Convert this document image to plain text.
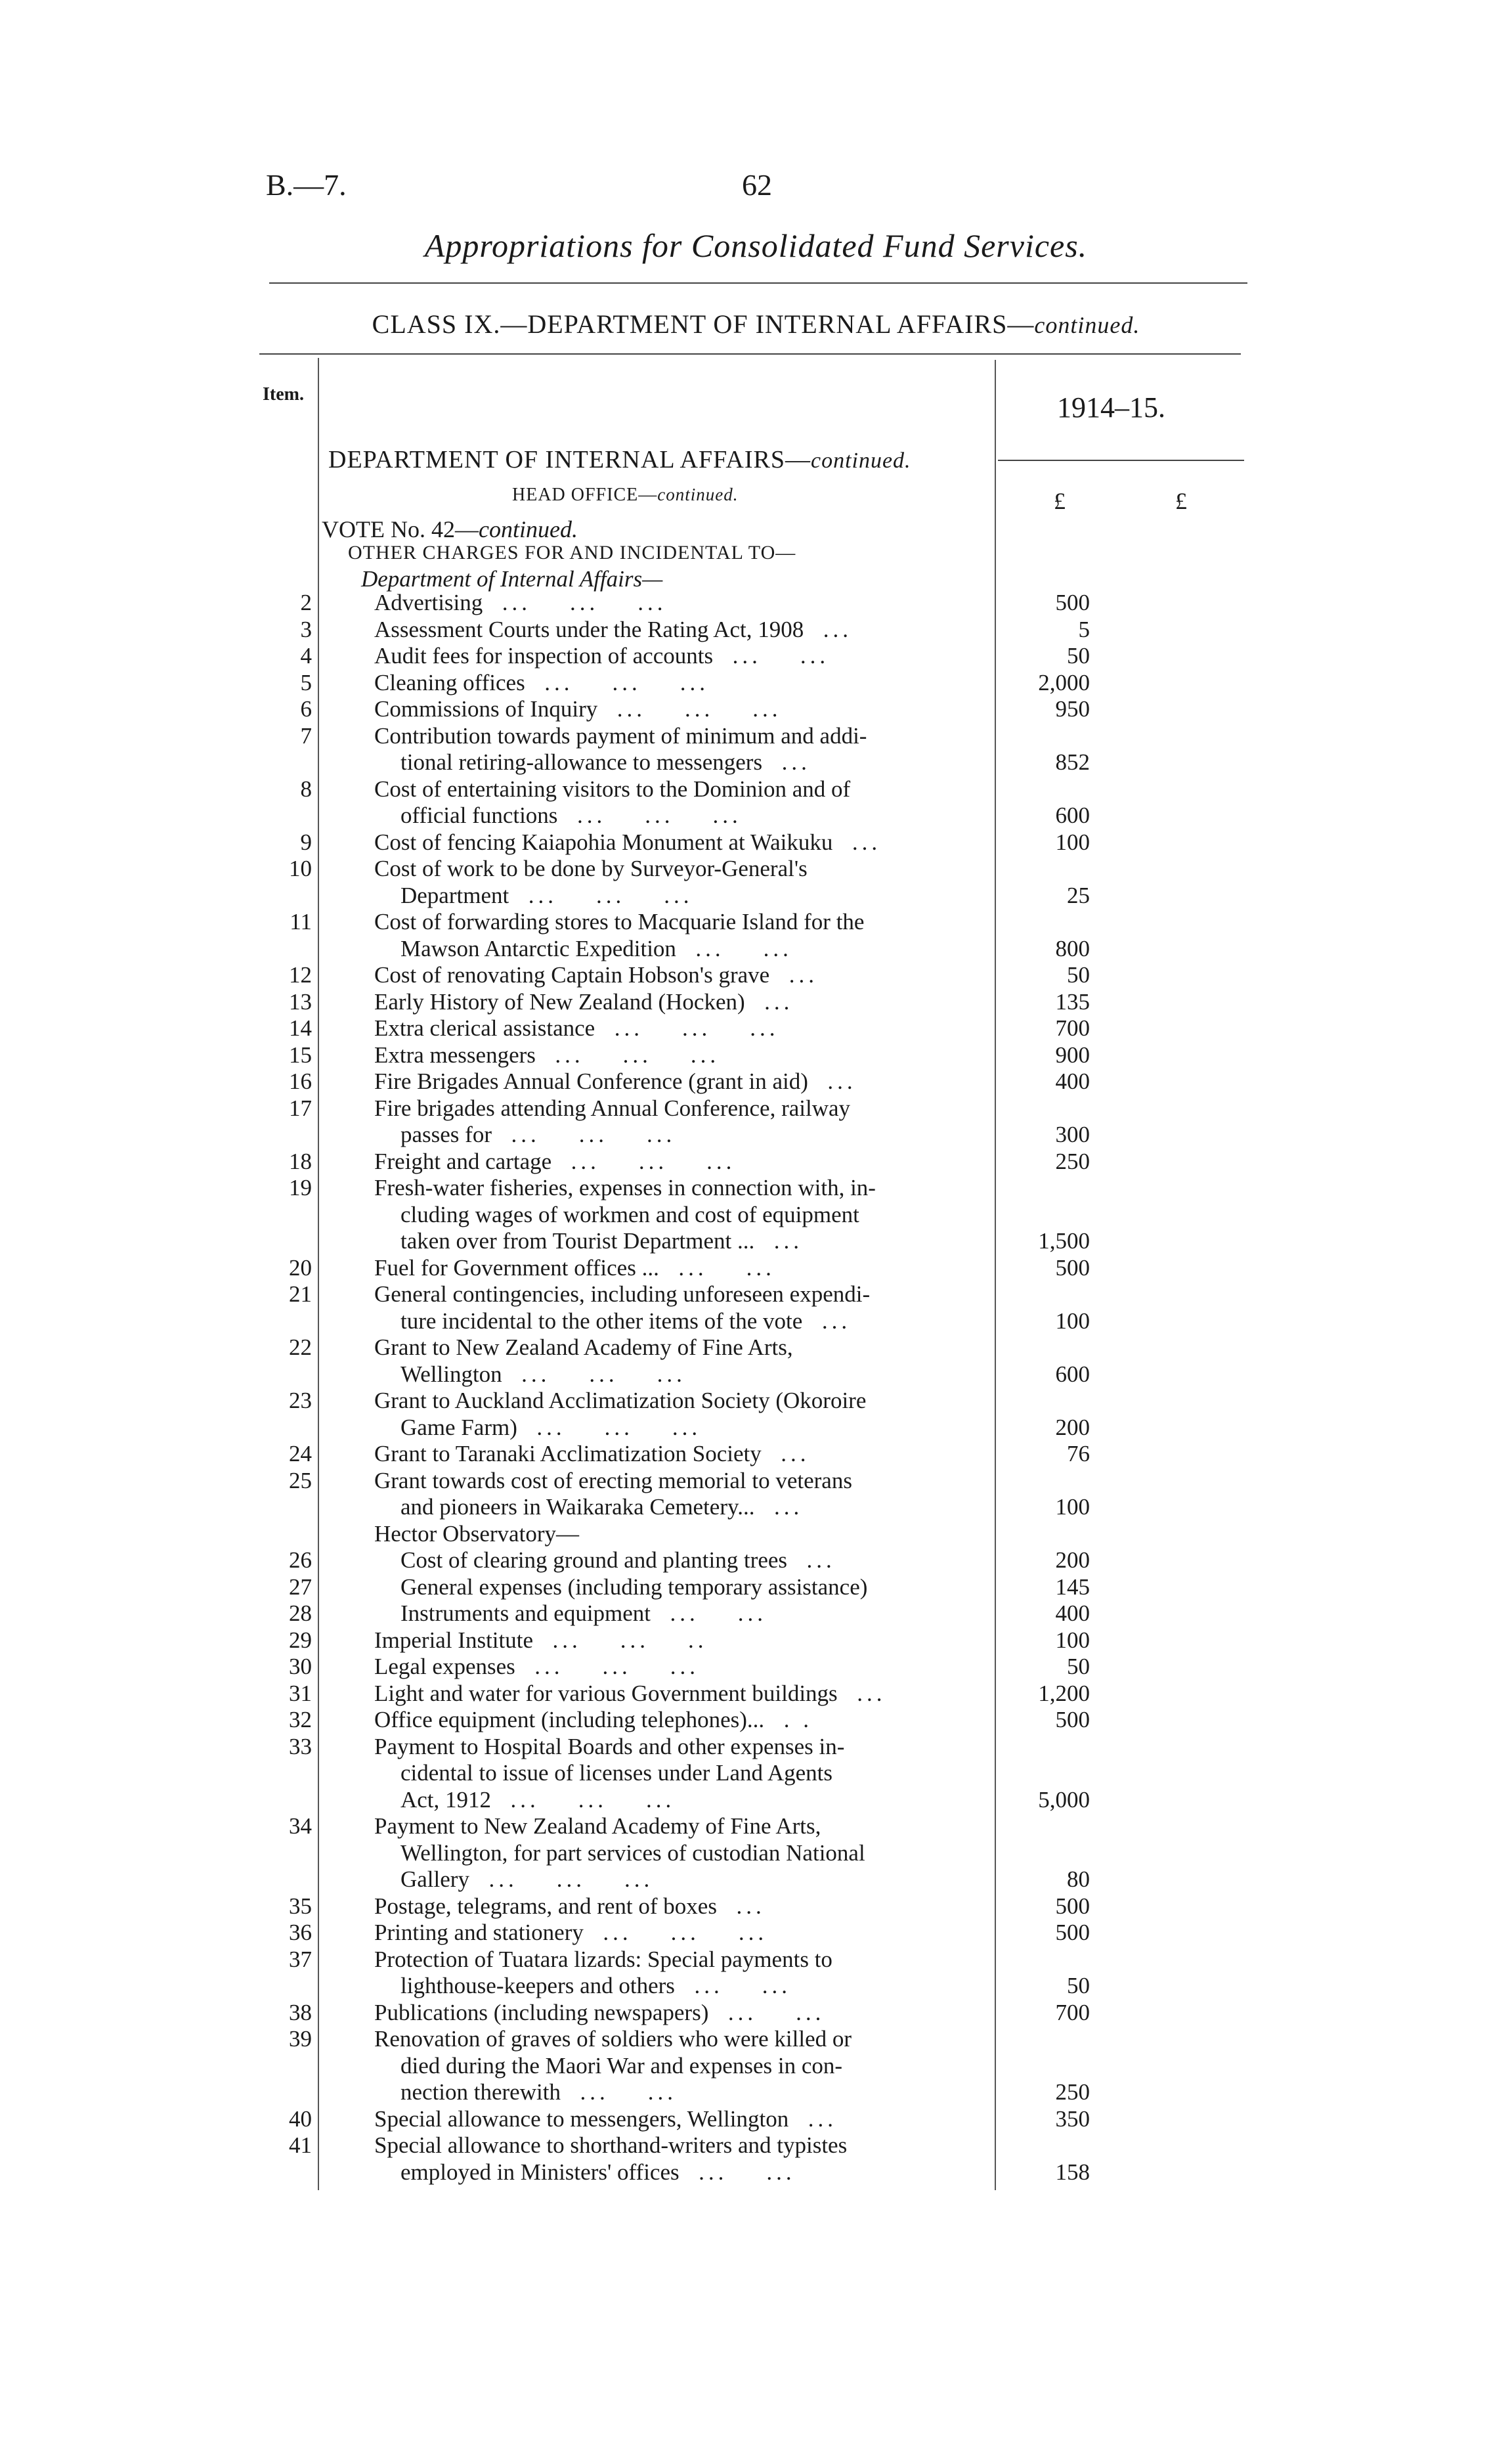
B.—7.	62
Appropriations for Consolidated Fund Services.
CLASS IX.—DEPARTMENT OF INTERNAL AFFAIRS—continued.
Item.	1914–15.
DEPARTMENT OF INTERNAL AFFAIRS—continued.
HEAD OFFICE—continued.	£	£
VOTE No. 42—continued.
OTHER CHARGES FOR AND INCIDENTAL TO—
Department of Internal Affairs—
2	Advertising  ...    ...    ...	500
3	Assessment Courts under the Rating Act, 1908  ...	5
4	Audit fees for inspection of accounts  ...    ...	50
5	Cleaning offices  ...    ...    ...	2,000
6	Commissions of Inquiry  ...    ...    ...	950
7	Contribution towards payment of minimum and addi-
tional retiring-allowance to messengers  ...	852
8	Cost of entertaining visitors to the Dominion and of
official functions  ...    ...    ...	600
9	Cost of fencing Kaiapohia Monument at Waikuku  ...	100
10	Cost of work to be done by Surveyor-General's
Department  ...    ...    ...	25
11	Cost of forwarding stores to Macquarie Island for the
Mawson Antarctic Expedition  ...    ...	800
12	Cost of renovating Captain Hobson's grave  ...	50
13	Early History of New Zealand (Hocken)  ...	135
14	Extra clerical assistance  ...    ...    ...	700
15	Extra messengers  ...    ...    ...	900
16	Fire Brigades Annual Conference (grant in aid)  ...	400
17	Fire brigades attending Annual Conference, railway
passes for  ...    ...    ...	300
18	Freight and cartage  ...    ...    ...	250
19	Fresh-water fisheries, expenses in connection with, in-
cluding wages of workmen and cost of equipment
taken over from Tourist Department ...  ...	1,500
20	Fuel for Government offices ...  ...    ...	500
21	General contingencies, including unforeseen expendi-
ture incidental to the other items of the vote  ...	100
22	Grant to New Zealand Academy of Fine Arts,
Wellington  ...    ...    ...	600
23	Grant to Auckland Acclimatization Society (Okoroire
Game Farm)  ...    ...    ...	200
24	Grant to Taranaki Acclimatization Society  ...	76
25	Grant towards cost of erecting memorial to veterans
and pioneers in Waikaraka Cemetery...  ...	100
Hector Observatory—
26	Cost of clearing ground and planting trees  ...	200
27	General expenses (including temporary assistance)	145
28	Instruments and equipment  ...    ...	400
29	Imperial Institute  ...    ...    ..	100
30	Legal expenses  ...    ...    ...	50
31	Light and water for various Government buildings  ...	1,200
32	Office equipment (including telephones)...  . .	500
33	Payment to Hospital Boards and other expenses in-
cidental to issue of licenses under Land Agents
Act, 1912  ...    ...    ...	5,000
34	Payment to New Zealand Academy of Fine Arts,
Wellington, for part services of custodian National
Gallery  ...    ...    ...	80
35	Postage, telegrams, and rent of boxes  ...	500
36	Printing and stationery  ...    ...    ...	500
37	Protection of Tuatara lizards: Special payments to
lighthouse-keepers and others  ...    ...	50
38	Publications (including newspapers)  ...    ...	700
39	Renovation of graves of soldiers who were killed or
died during the Maori War and expenses in con-
nection therewith  ...    ...	250
40	Special allowance to messengers, Wellington  ...	350
41	Special allowance to shorthand-writers and typistes
employed in Ministers' offices  ...    ...	158
